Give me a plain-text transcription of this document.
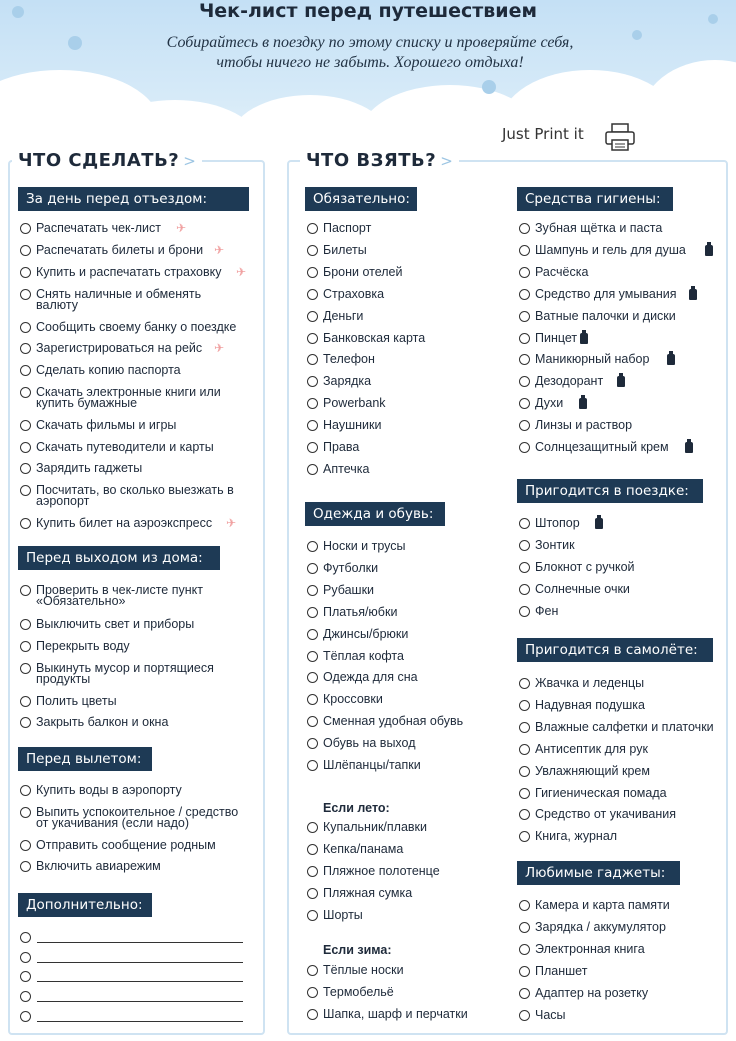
Чек-лист перед путешествием
Собирайтесь в поездку по этому списку и проверяйте себя,
чтобы ничего не забыть. Хорошего отдыха!
Just Print it
ЧТО СДЕЛАТЬ? >	ЧТО ВЗЯТЬ? >
За день перед отъездом:
Распечатать чек-лист	✈
Распечатать билеты и брони ✈
Купить и распечатать страховку	✈
Снять наличные и обменять валюту
Сообщить своему банку о поездке
Зарегистрироваться на рейс ✈
Сделать копию паспорта
Скачать электронные книги или купить бумажные
Скачать фильмы и игры
Скачать путеводители и карты
Зарядить гаджеты
Посчитать, во сколько выезжать в аэропорт
Купить билет на аэроэкспресс	✈
Перед выходом из дома:
Проверить в чек-листе пункт «Обязательно»
Выключить свет и приборы
Перекрыть воду
Выкинуть мусор и портящиеся продукты
Полить цветы
Закрыть балкон и окна
Перед вылетом:
Купить воды в аэропорту
Выпить успокоительное / средство от укачивания (если надо)
Отправить сообщение родным
Включить авиарежим
Дополнительно:
Обязательно:
Паспорт
Билеты
Брони отелей
Страховка
Деньги
Банковская карта
Телефон
Зарядка
Powerbank
Наушники
Права
Аптечка
Одежда и обувь:
Носки и трусы
Футболки
Рубашки
Платья/юбки
Джинсы/брюки
Тёплая кофта
Одежда для сна
Кроссовки
Сменная удобная обувь
Обувь на выход
Шлёпанцы/тапки
Если лето:
Купальник/плавки
Кепка/панама
Пляжное полотенце
Пляжная сумка
Шорты
Если зима:
Тёплые носки
Термобельё
Шапка, шарф и перчатки
Средства гигиены:
Зубная щётка и паста
Шампунь и гель для душа
Расчёска
Средство для умывания
Ватные палочки и диски
Пинцет
Маникюрный набор
Дезодорант
Духи
Линзы и раствор
Солнцезащитный крем
Пригодится в поездке:
Штопор
Зонтик
Блокнот с ручкой
Солнечные очки
Фен
Пригодится в самолёте:
Жвачка и леденцы
Надувная подушка
Влажные салфетки и платочки
Антисептик для рук
Увлажняющий крем
Гигиеническая помада
Средство от укачивания
Книга, журнал
Любимые гаджеты:
Камера и карта памяти
Зарядка / аккумулятор
Электронная книга
Планшет
Адаптер на розетку
Часы
